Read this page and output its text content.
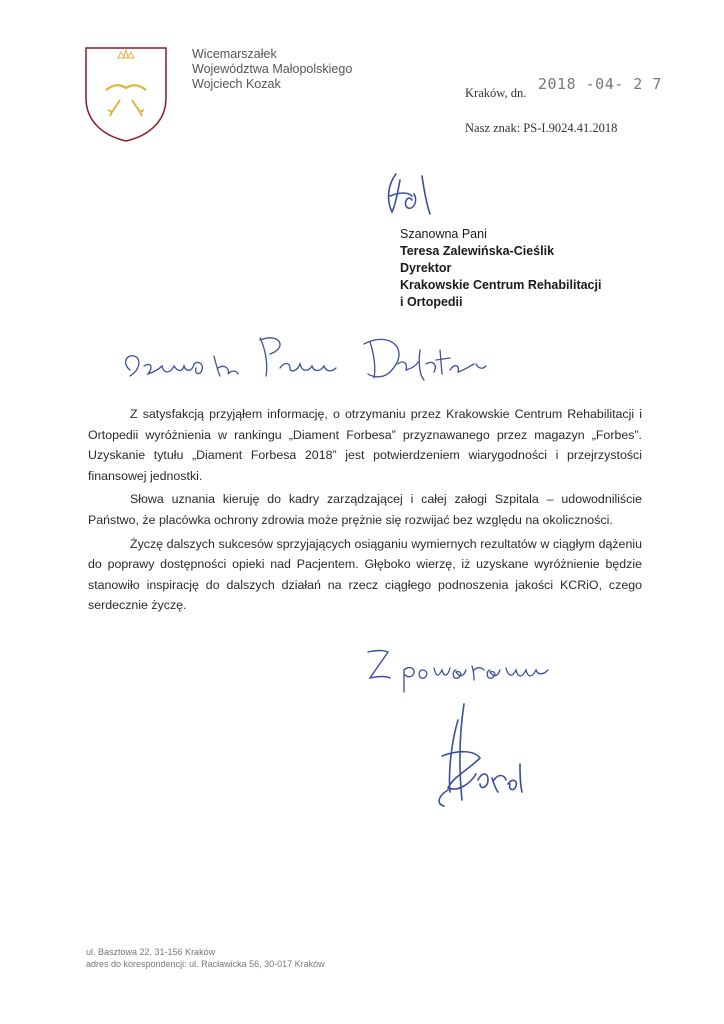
Wicemarszałek
Województwa Małopolskiego
Wojciech Kozak
Kraków, dn. 2018 -04- 2 7
Nasz znak: PS-I.9024.41.2018
Szanowna Pani
Teresa Zalewińska-Cieślik
Dyrektor
Krakowskie Centrum Rehabilitacji
i Ortopedii

Z satysfakcją przyjąłem informację, o otrzymaniu przez Krakowskie Centrum Rehabilitacji i Ortopedii wyróżnienia w rankingu „Diament Forbesa” przyznawanego przez magazyn „Forbes”. Uzyskanie tytułu „Diament Forbesa 2018” jest potwierdzeniem wiarygodności i przejrzystości finansowej jednostki.

Słowa uznania kieruję do kadry zarządzającej i całej załogi Szpitala – udowodniliście Państwo, że placówka ochrony zdrowia może prężnie się rozwijać bez względu na okoliczności.

Życzę dalszych sukcesów sprzyjających osiąganiu wymiernych rezultatów w ciągłym dążeniu do poprawy dostępności opieki nad Pacjentem. Głęboko wierzę, iż uzyskane wyróżnienie będzie stanowiło inspirację do dalszych działań na rzecz ciągłego podnoszenia jakości KCRiO, czego serdecznie życzę.

ul. Basztowa 22, 31-156 Kraków
adres do korespondencji: ul. Racławicka 56, 30-017 Kraków
